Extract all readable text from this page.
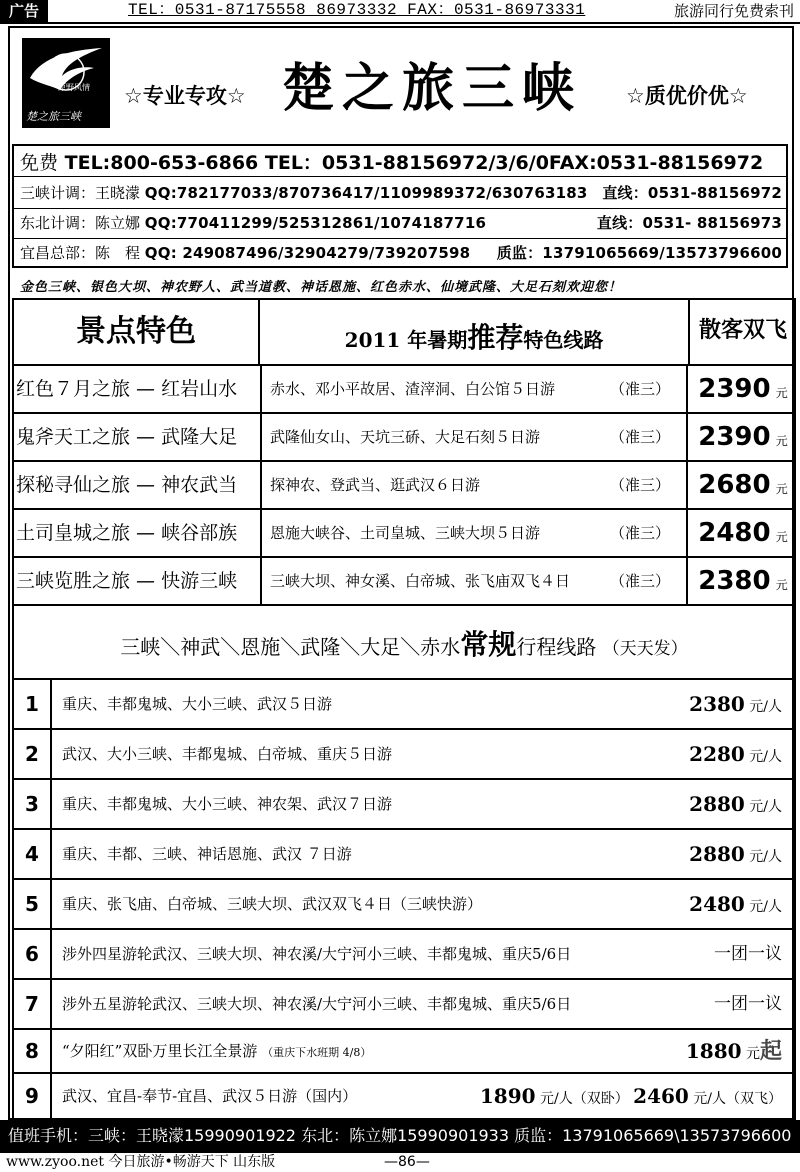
广告	TEL：0531-87175558 86973332 FAX：0531-86973331	旅游同行免费索刊
原野风情
楚之旅三峡
☆专业专攻☆ 楚之旅三峡 ☆质优价优☆
免费 TEL:800-653-6866 TEL：0531-88156972/3/6/0FAX:0531-88156972
三峡计调：王晓濛 QQ:782177033/870736417/1109989372/630763183 直线：0531-88156972
东北计调：陈立娜 QQ:770411299/525312861/1074187716	直线：0531- 88156973
宜昌总部：陈　程 QQ: 249087496/32904279/739207598 质监：13791065669/13573796600
金色三峡、银色大坝、神农野人、武当道教、神话恩施、红色赤水、仙境武隆、大足石刻欢迎您！
景点特色	2011 年暑期推荐特色线路	散客双飞
红色７月之旅 — 红岩山水	赤水、邓小平故居、渣滓洞、白公馆５日游	（准三）	2390 元
鬼斧天工之旅 — 武隆大足	武隆仙女山、天坑三硚、大足石刻５日游	（准三）	2390 元
探秘寻仙之旅 — 神农武当	探神农、登武当、逛武汉６日游	（准三）	2680 元
土司皇城之旅 — 峡谷部族	恩施大峡谷、土司皇城、三峡大坝５日游	（准三）	2480 元
三峡览胜之旅 — 快游三峡	三峡大坝、神女溪、白帝城、张飞庙双飞４日	（准三）	2380 元
三峡＼神武＼恩施＼武隆＼大足＼赤水常规行程线路 （天天发）
1	重庆、丰都鬼城、大小三峡、武汉５日游	2380 元/人
2	武汉、大小三峡、丰都鬼城、白帝城、重庆５日游	2280 元/人
3	重庆、丰都鬼城、大小三峡、神农架、武汉７日游	2880 元/人
4	重庆、丰都、三峡、神话恩施、武汉 ７日游	2880 元/人
5	重庆、张飞庙、白帝城、三峡大坝、武汉双飞４日（三峡快游）	2480 元/人
6	涉外四星游轮武汉、三峡大坝、神农溪/大宁河小三峡、丰都鬼城、重庆5/6日	一团一议
7	涉外五星游轮武汉、三峡大坝、神农溪/大宁河小三峡、丰都鬼城、重庆5/6日	一团一议
8	“夕阳红”双卧万里长江全景游 （重庆下水班期 4/8）	1880 元起
9	武汉、宜昌-奉节-宜昌、武汉５日游（国内）	1890 元/人（双卧） 2460 元/人（双飞）
值班手机：三峡：王晓濛15990901922 东北：陈立娜15990901933 质监：13791065669\13573796600
www.zyoo.net 今日旅游•畅游天下 山东版	—86—
